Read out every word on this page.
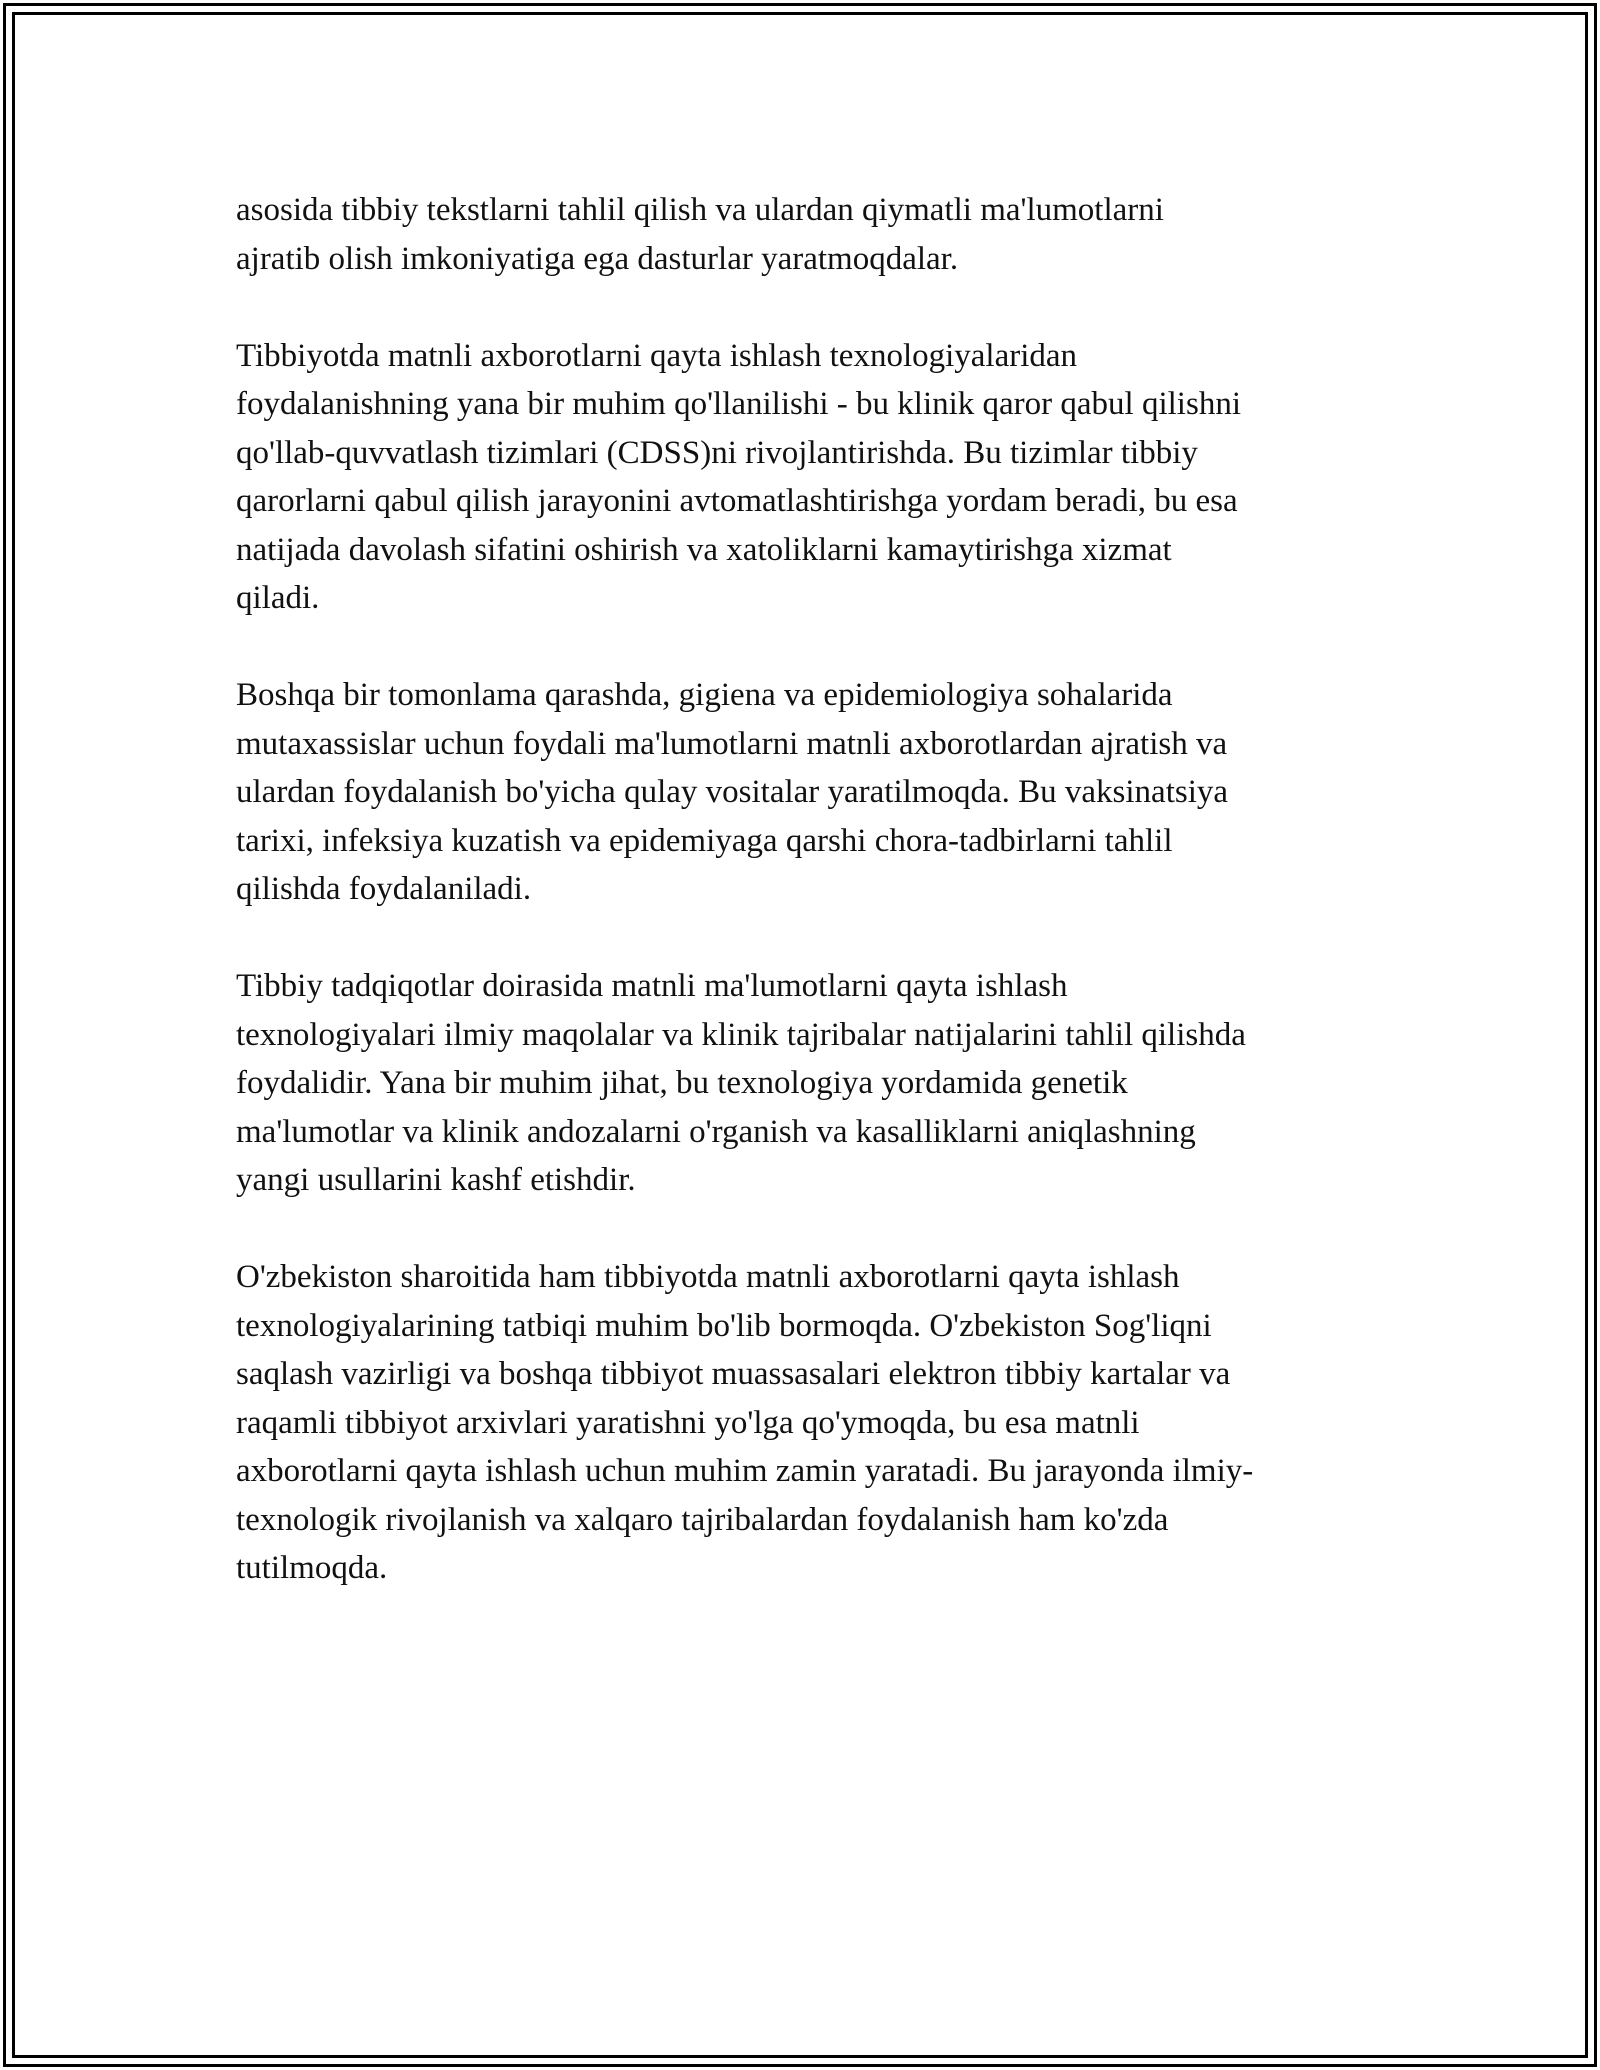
asosida tibbiy tekstlarni tahlil qilish va ulardan qiymatli ma'lumotlarni
ajratib olish imkoniyatiga ega dasturlar yaratmoqdalar.

Tibbiyotda matnli axborotlarni qayta ishlash texnologiyalaridan
foydalanishning yana bir muhim qo'llanilishi - bu klinik qaror qabul qilishni
qo'llab-quvvatlash tizimlari (CDSS)ni rivojlantirishda. Bu tizimlar tibbiy
qarorlarni qabul qilish jarayonini avtomatlashtirishga yordam beradi, bu esa
natijada davolash sifatini oshirish va xatoliklarni kamaytirishga xizmat
qiladi.

Boshqa bir tomonlama qarashda, gigiena va epidemiologiya sohalarida
mutaxassislar uchun foydali ma'lumotlarni matnli axborotlardan ajratish va
ulardan foydalanish bo'yicha qulay vositalar yaratilmoqda. Bu vaksinatsiya
tarixi, infeksiya kuzatish va epidemiyaga qarshi chora-tadbirlarni tahlil
qilishda foydalaniladi.

Tibbiy tadqiqotlar doirasida matnli ma'lumotlarni qayta ishlash
texnologiyalari ilmiy maqolalar va klinik tajribalar natijalarini tahlil qilishda
foydalidir. Yana bir muhim jihat, bu texnologiya yordamida genetik
ma'lumotlar va klinik andozalarni o'rganish va kasalliklarni aniqlashning
yangi usullarini kashf etishdir.

O'zbekiston sharoitida ham tibbiyotda matnli axborotlarni qayta ishlash
texnologiyalarining tatbiqi muhim bo'lib bormoqda. O'zbekiston Sog'liqni
saqlash vazirligi va boshqa tibbiyot muassasalari elektron tibbiy kartalar va
raqamli tibbiyot arxivlari yaratishni yo'lga qo'ymoqda, bu esa matnli
axborotlarni qayta ishlash uchun muhim zamin yaratadi. Bu jarayonda ilmiy-
texnologik rivojlanish va xalqaro tajribalardan foydalanish ham ko'zda
tutilmoqda.
